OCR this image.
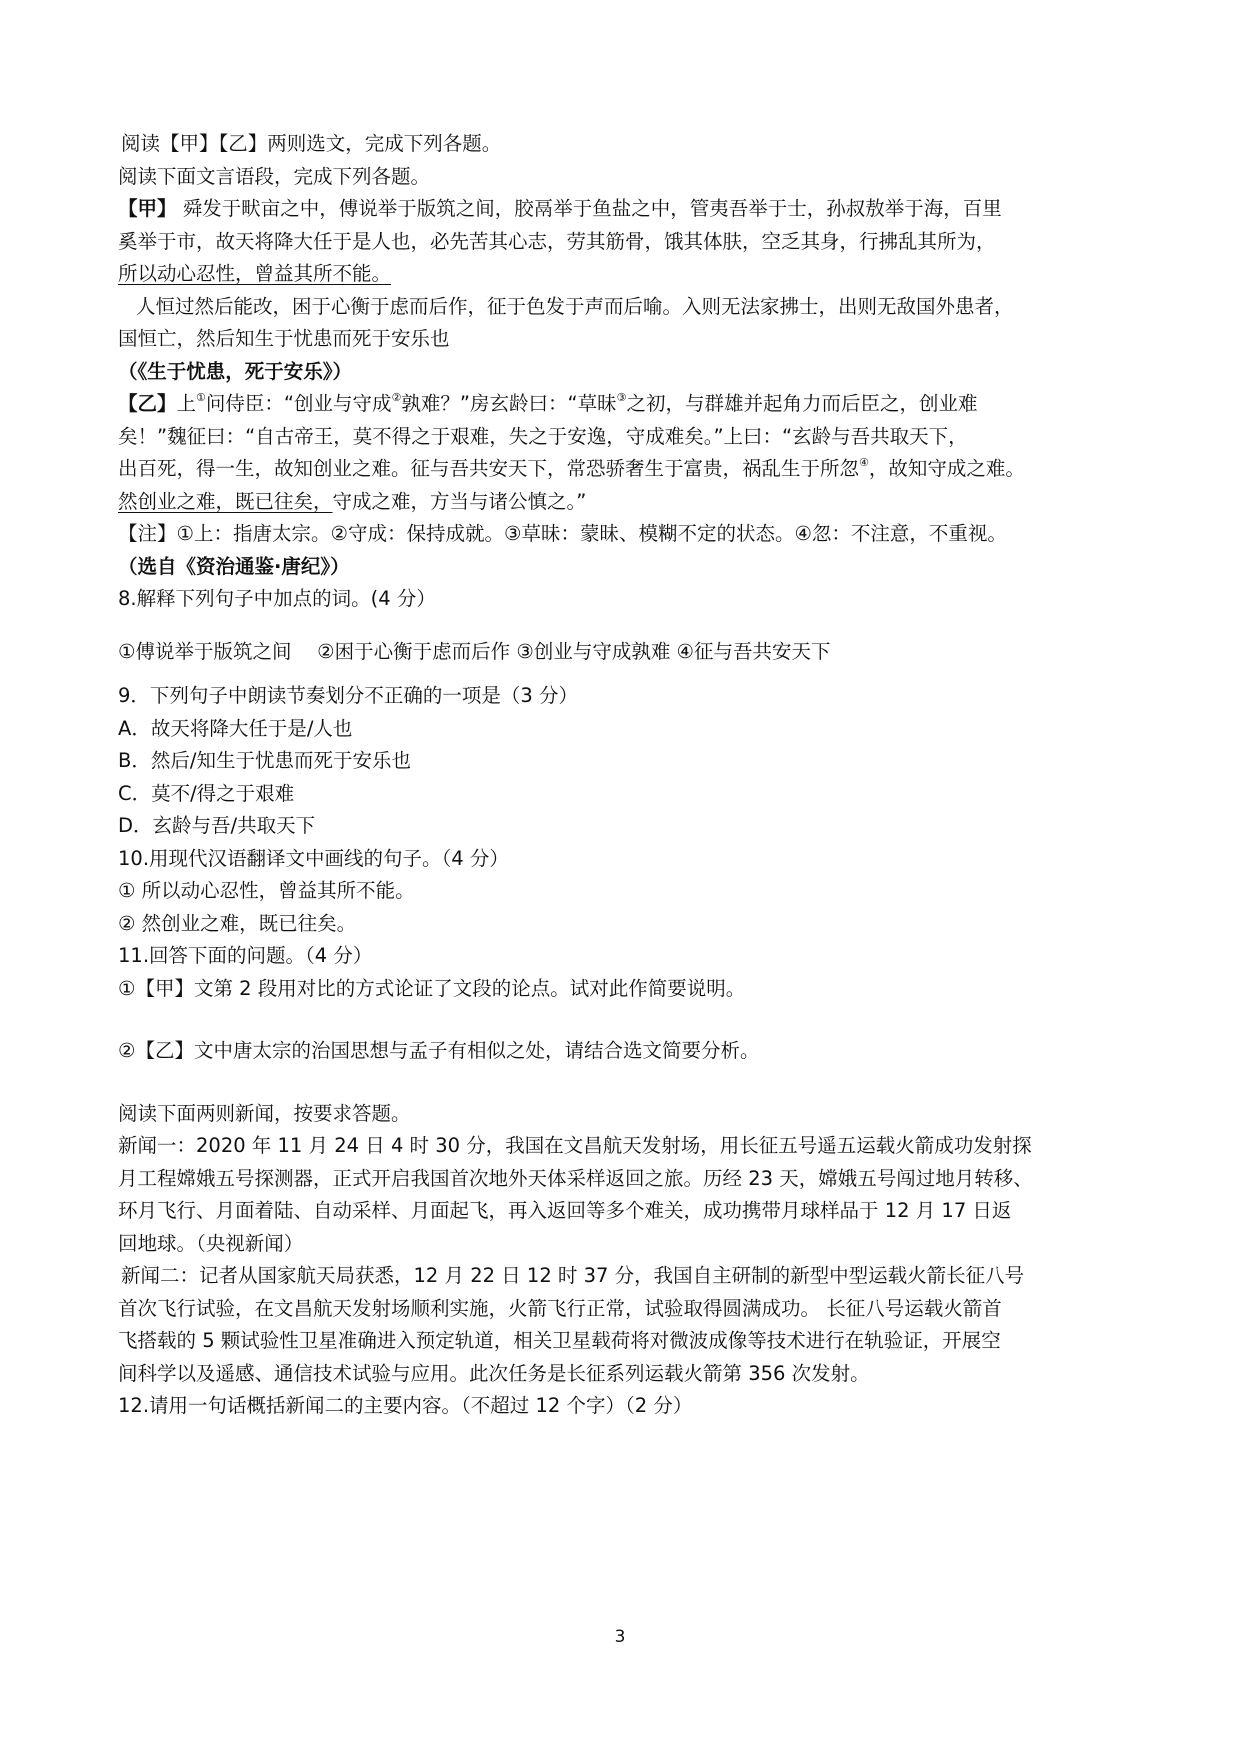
阅读【甲】【乙】两则选文，完成下列各题。
阅读下面文言语段，完成下列各题。
【甲】 舜发于畎亩之中，傅说举于版筑之间，胶鬲举于鱼盐之中，管夷吾举于士，孙叔敖举于海，百里
奚举于市，故天将降大任于是人也，必先苦其心志，劳其筋骨，饿其体肤，空乏其身，行拂乱其所为，
所以动心忍性，曾益其所不能。
人恒过然后能改，困于心衡于虑而后作，征于色发于声而后喻。入则无法家拂士，出则无敌国外患者，
国恒亡，然后知生于忧患而死于安乐也
（《生于忧患，死于安乐》）
【乙】上①问侍臣：“创业与守成②孰难？”房玄龄曰：“草昧③之初，与群雄并起角力而后臣之，创业难
矣！”魏征曰：“自古帝王，莫不得之于艰难，失之于安逸，守成难矣。”上曰：“玄龄与吾共取天下，
出百死，得一生，故知创业之难。征与吾共安天下，常恐骄奢生于富贵，祸乱生于所忽④，故知守成之难。
然创业之难，既已往矣，守成之难，方当与诸公慎之。”
【注】①上：指唐太宗。②守成：保持成就。③草昧：蒙昧、模糊不定的状态。④忽：不注意，不重视。
（选自《资治通鉴·唐纪》）
8.解释下列句子中加点的词。(4 分）
①傅说举于版筑之间　 ②困于心衡于虑而后作 ③创业与守成孰难 ④征与吾共安天下
9．下列句子中朗读节奏划分不正确的一项是（3 分）
A．故天将降大任于是/人也
B．然后/知生于忧患而死于安乐也
C．莫不/得之于艰难
D．玄龄与吾/共取天下
10.用现代汉语翻译文中画线的句子。（4 分）
① 所以动心忍性，曾益其所不能。
② 然创业之难，既已往矣。
11.回答下面的问题。（4 分）
①【甲】文第 2 段用对比的方式论证了文段的论点。试对此作简要说明。
②【乙】文中唐太宗的治国思想与孟子有相似之处，请结合选文简要分析。
阅读下面两则新闻，按要求答题。
新闻一：2020 年 11 月 24 日 4 时 30 分，我国在文昌航天发射场，用长征五号遥五运载火箭成功发射探
月工程嫦娥五号探测器，正式开启我国首次地外天体采样返回之旅。历经 23 天，嫦娥五号闯过地月转移、
环月飞行、月面着陆、自动采样、月面起飞，再入返回等多个难关，成功携带月球样品于 12 月 17 日返
回地球。（央视新闻）
新闻二：记者从国家航天局获悉，12 月 22 日 12 时 37 分，我国自主研制的新型中型运载火箭长征八号
首次飞行试验，在文昌航天发射场顺利实施，火箭飞行正常，试验取得圆满成功。 长征八号运载火箭首
飞搭载的 5 颗试验性卫星准确进入预定轨道，相关卫星载荷将对微波成像等技术进行在轨验证，开展空
间科学以及遥感、通信技术试验与应用。此次任务是长征系列运载火箭第 356 次发射。
12.请用一句话概括新闻二的主要内容。（不超过 12 个字）（2 分）
3
